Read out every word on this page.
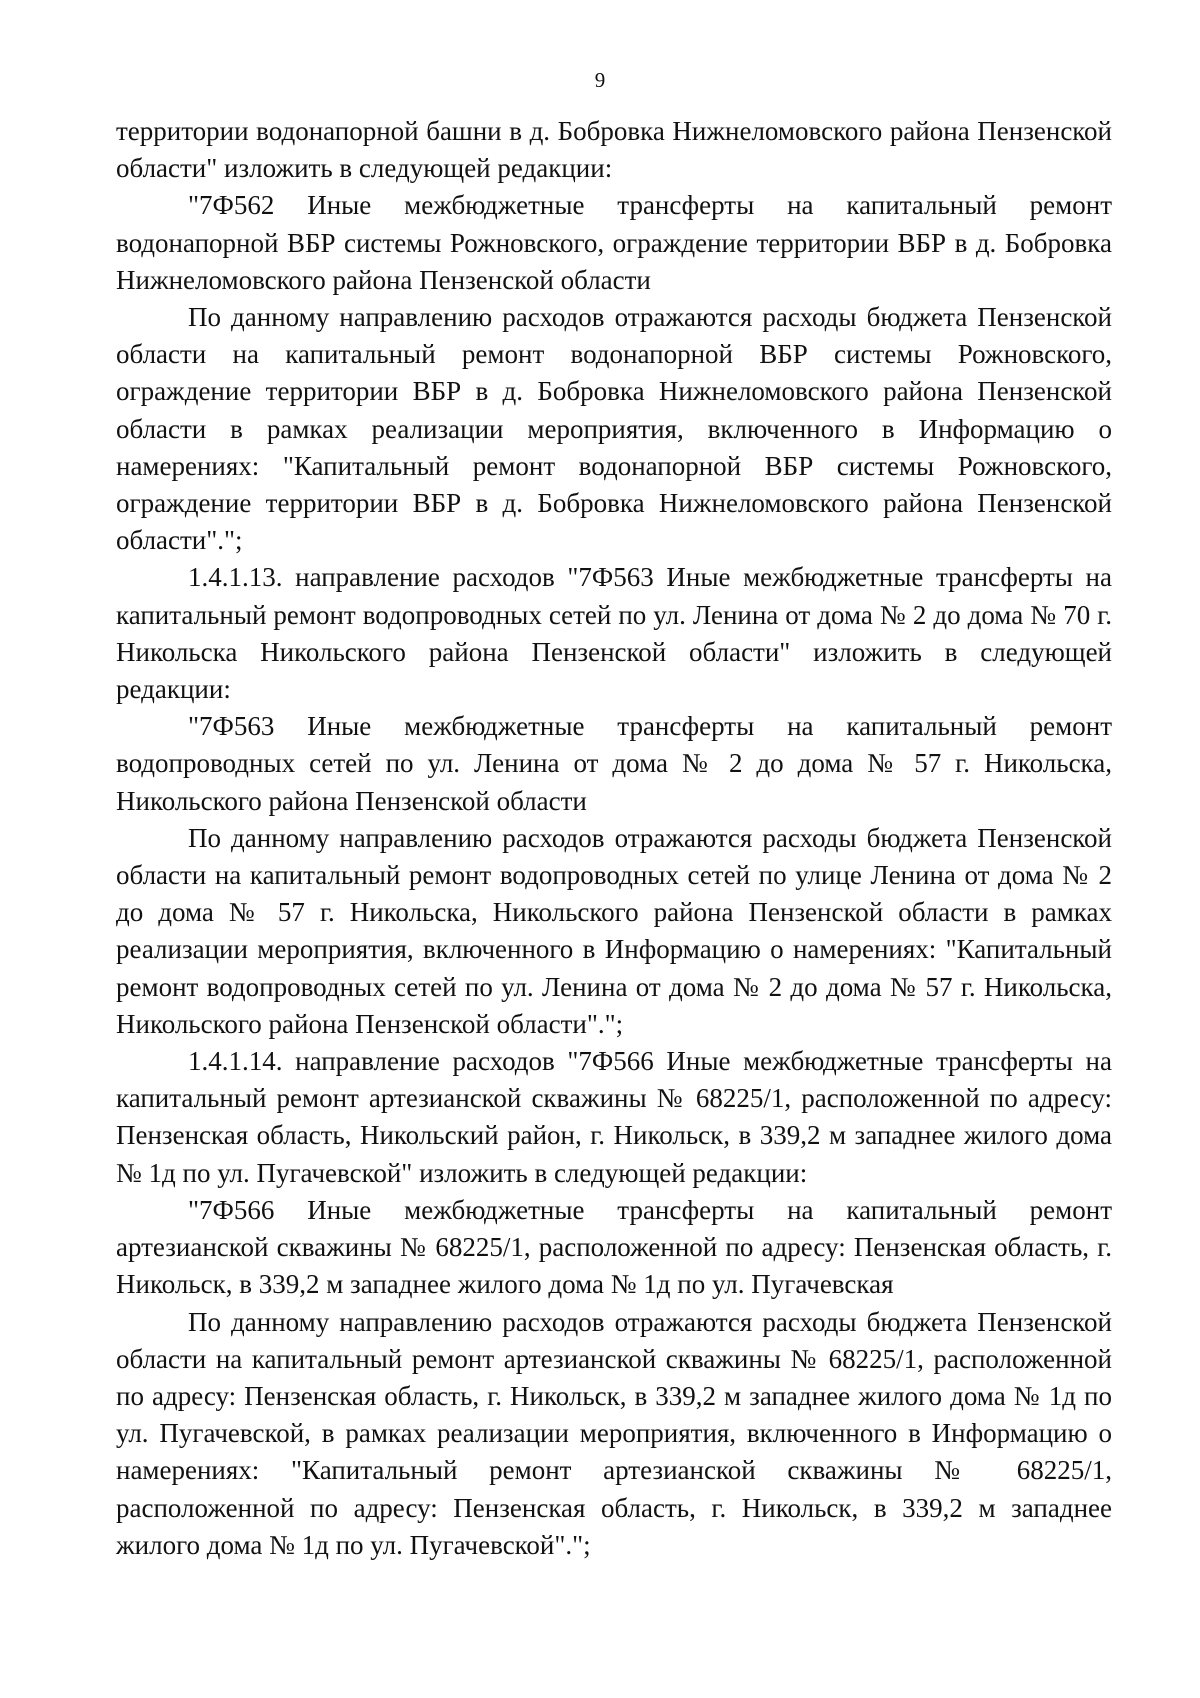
9

территории водонапорной башни в д. Бобровка Нижнеломовского района Пензенской области" изложить в следующей редакции:

"7Ф562 Иные межбюджетные трансферты на капитальный ремонт водонапорной ВБР системы Рожновского, ограждение территории ВБР в д. Бобровка Нижнеломовского района Пензенской области

По данному направлению расходов отражаются расходы бюджета Пензенской области на капитальный ремонт водонапорной ВБР системы Рожновского, ограждение территории ВБР в д. Бобровка Нижнеломовского района Пензенской области в рамках реализации мероприятия, включенного в Информацию о намерениях: "Капитальный ремонт водонапорной ВБР системы Рожновского, ограждение территории ВБР в д. Бобровка Нижнеломовского района Пензенской области".";

1.4.1.13. направление расходов "7Ф563 Иные межбюджетные трансферты на капитальный ремонт водопроводных сетей по ул. Ленина от дома № 2 до дома № 70 г. Никольска Никольского района Пензенской области" изложить в следующей редакции:

"7Ф563 Иные межбюджетные трансферты на капитальный ремонт водопроводных сетей по ул. Ленина от дома № 2 до дома № 57 г. Никольска, Никольского района Пензенской области

По данному направлению расходов отражаются расходы бюджета Пензенской области на капитальный ремонт водопроводных сетей по улице Ленина от дома № 2 до дома № 57 г. Никольска, Никольского района Пензенской области в рамках реализации мероприятия, включенного в Информацию о намерениях: "Капитальный ремонт водопроводных сетей по ул. Ленина от дома № 2 до дома № 57 г. Никольска, Никольского района Пензенской области".";

1.4.1.14. направление расходов "7Ф566 Иные межбюджетные трансферты на капитальный ремонт артезианской скважины № 68225/1, расположенной по адресу: Пензенская область, Никольский район, г. Никольск, в 339,2 м западнее жилого дома № 1д по ул. Пугачевской" изложить в следующей редакции:

"7Ф566 Иные межбюджетные трансферты на капитальный ремонт артезианской скважины № 68225/1, расположенной по адресу: Пензенская область, г. Никольск, в 339,2 м западнее жилого дома № 1д по ул. Пугачевская

По данному направлению расходов отражаются расходы бюджета Пензенской области на капитальный ремонт артезианской скважины № 68225/1, расположенной по адресу: Пензенская область, г. Никольск, в 339,2 м западнее жилого дома № 1д по ул. Пугачевской, в рамках реализации мероприятия, включенного в Информацию о намерениях: "Капитальный ремонт артезианской скважины № 68225/1, расположенной по адресу: Пензенская область, г. Никольск, в 339,2 м западнее жилого дома № 1д по ул. Пугачевской".";
